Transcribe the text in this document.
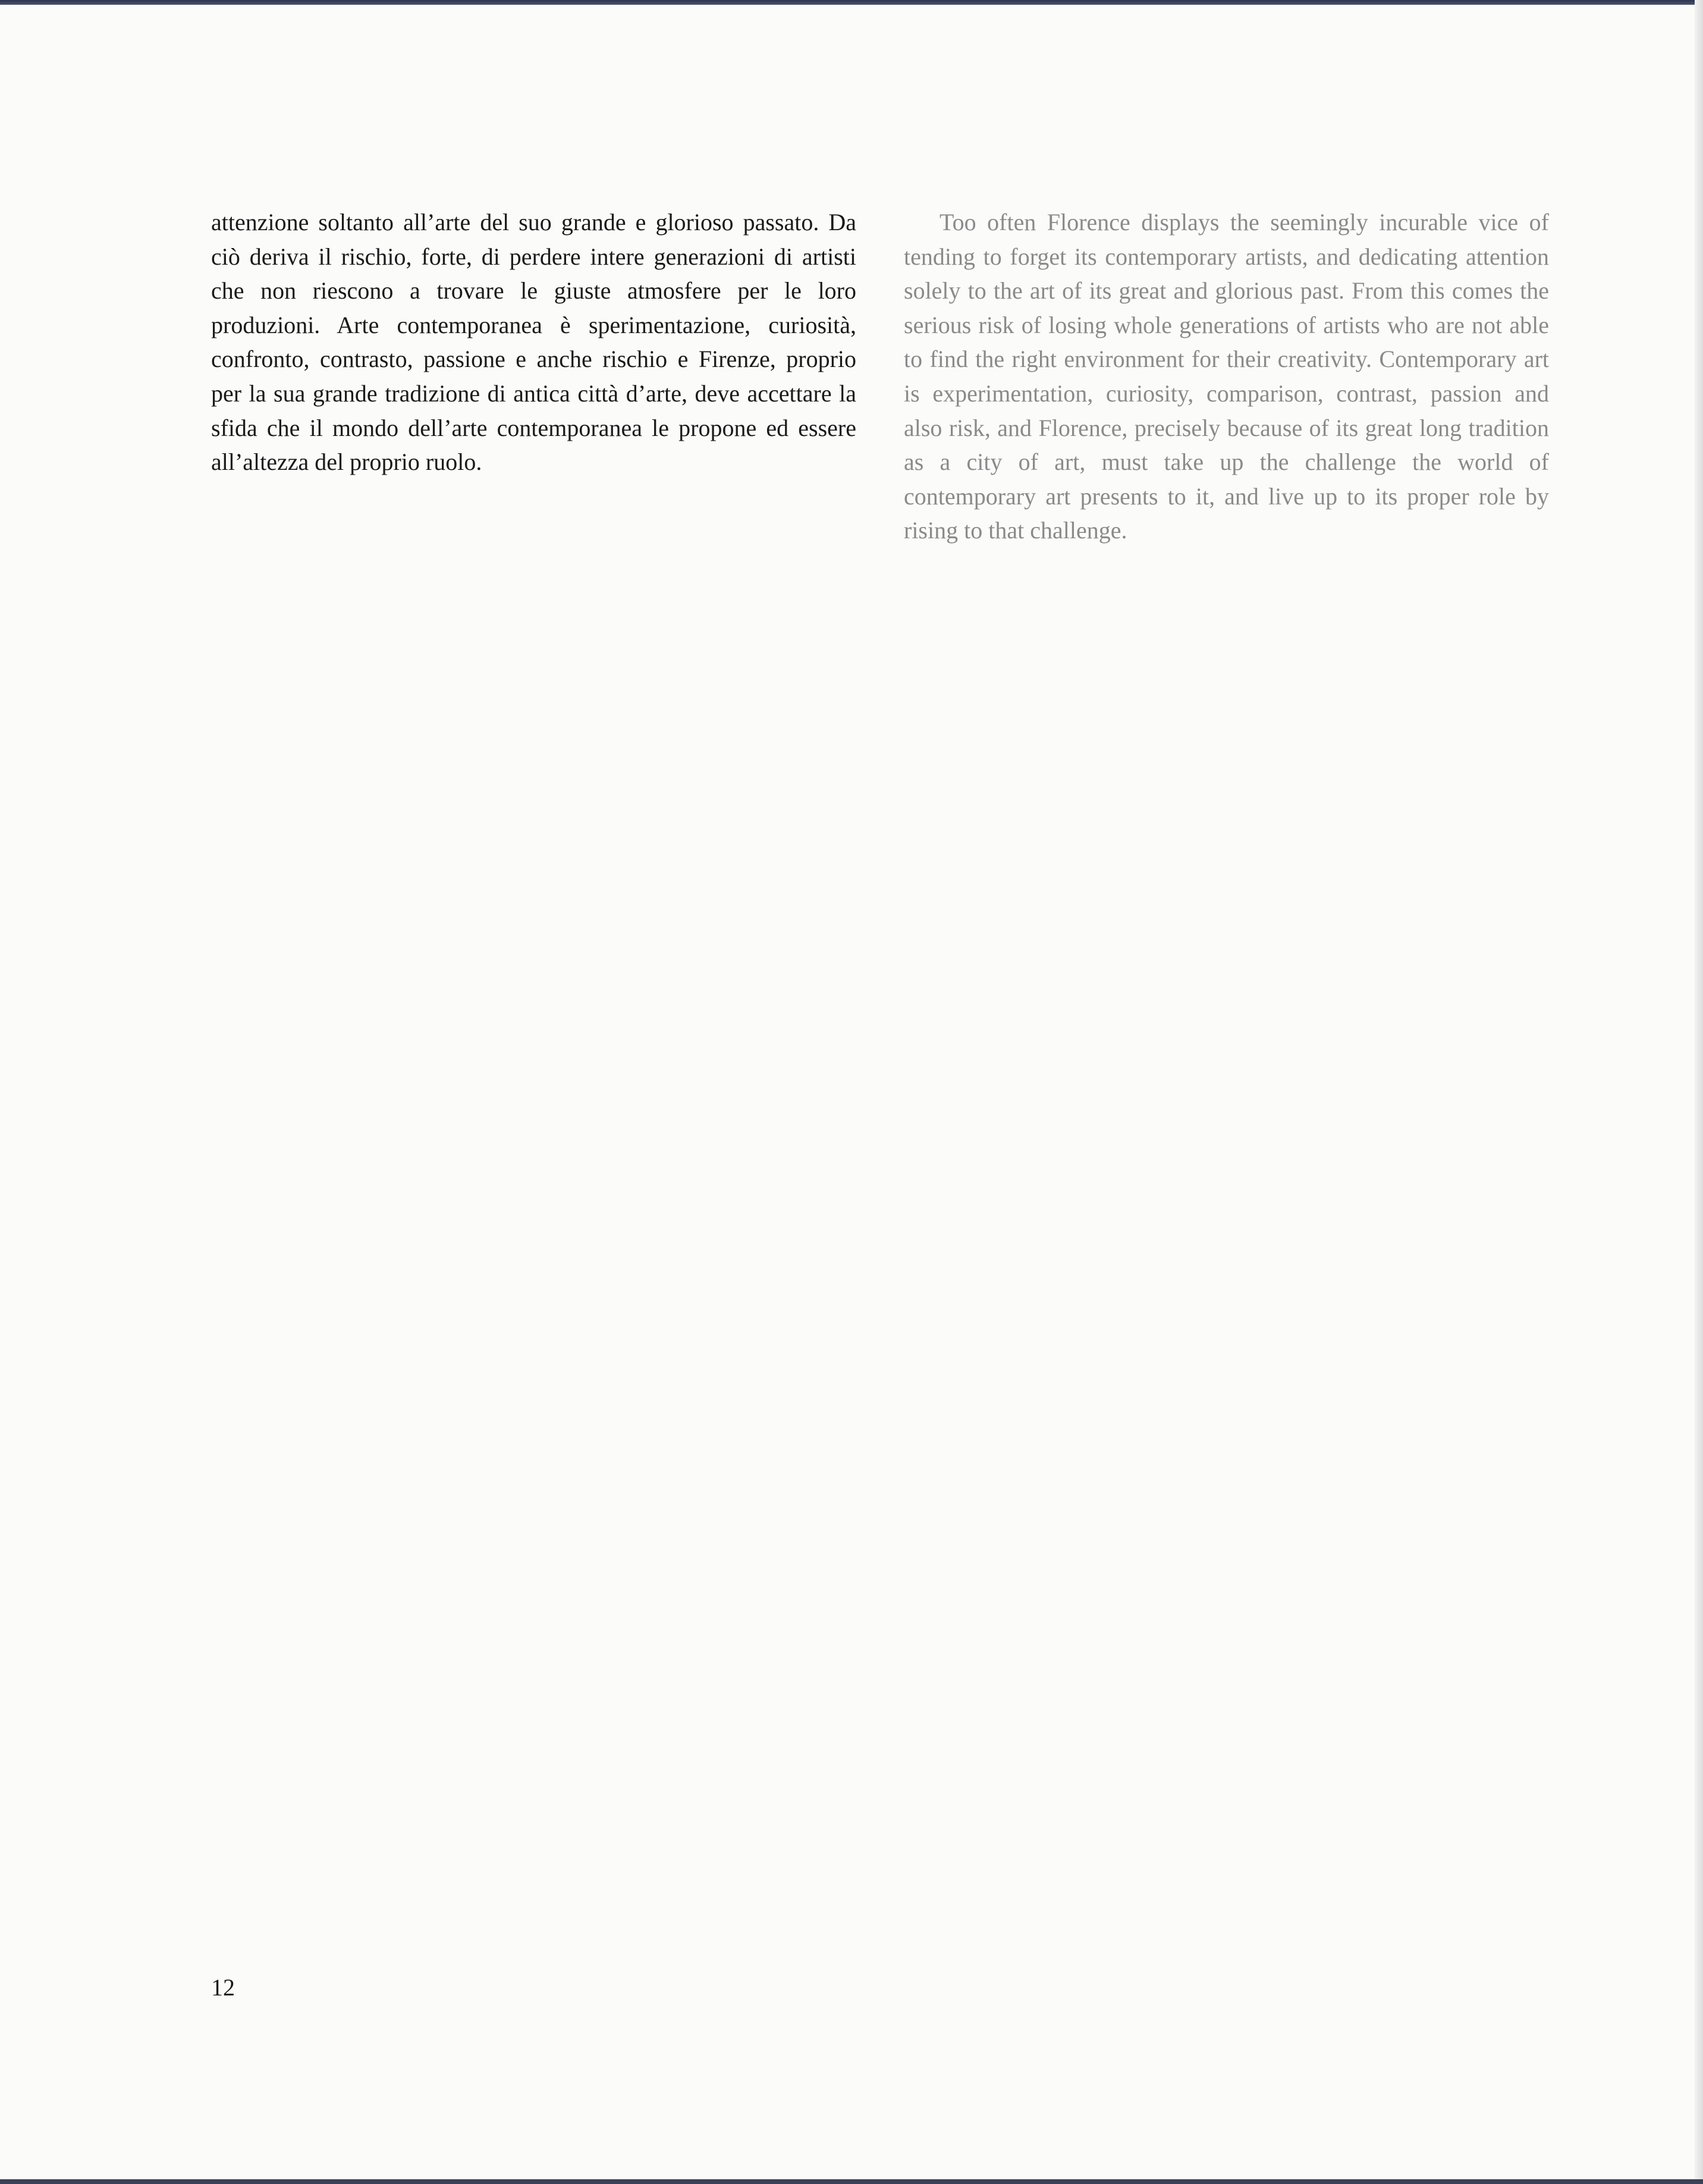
attenzione soltanto all’arte del suo grande e glorioso passato. Da ciò deriva il rischio, forte, di perdere intere generazioni di artisti che non riescono a trovare le giuste atmosfere per le loro produzioni. Arte contemporanea è sperimentazione, curiosità, confronto, contrasto, passione e anche rischio e Firenze, proprio per la sua grande tradizione di antica città d’arte, deve accettare la sfida che il mondo dell’arte contemporanea le propone ed essere all’altezza del proprio ruolo.

Too often Florence displays the seemingly incurable vice of tending to forget its contemporary artists, and dedicating attention solely to the art of its great and glorious past. From this comes the serious risk of losing whole generations of artists who are not able to find the right environment for their creativity. Contemporary art is experimentation, curiosity, comparison, contrast, passion and also risk, and Florence, precisely because of its great long tradition as a city of art, must take up the challenge the world of contemporary art presents to it, and live up to its proper role by rising to that challenge.

12
